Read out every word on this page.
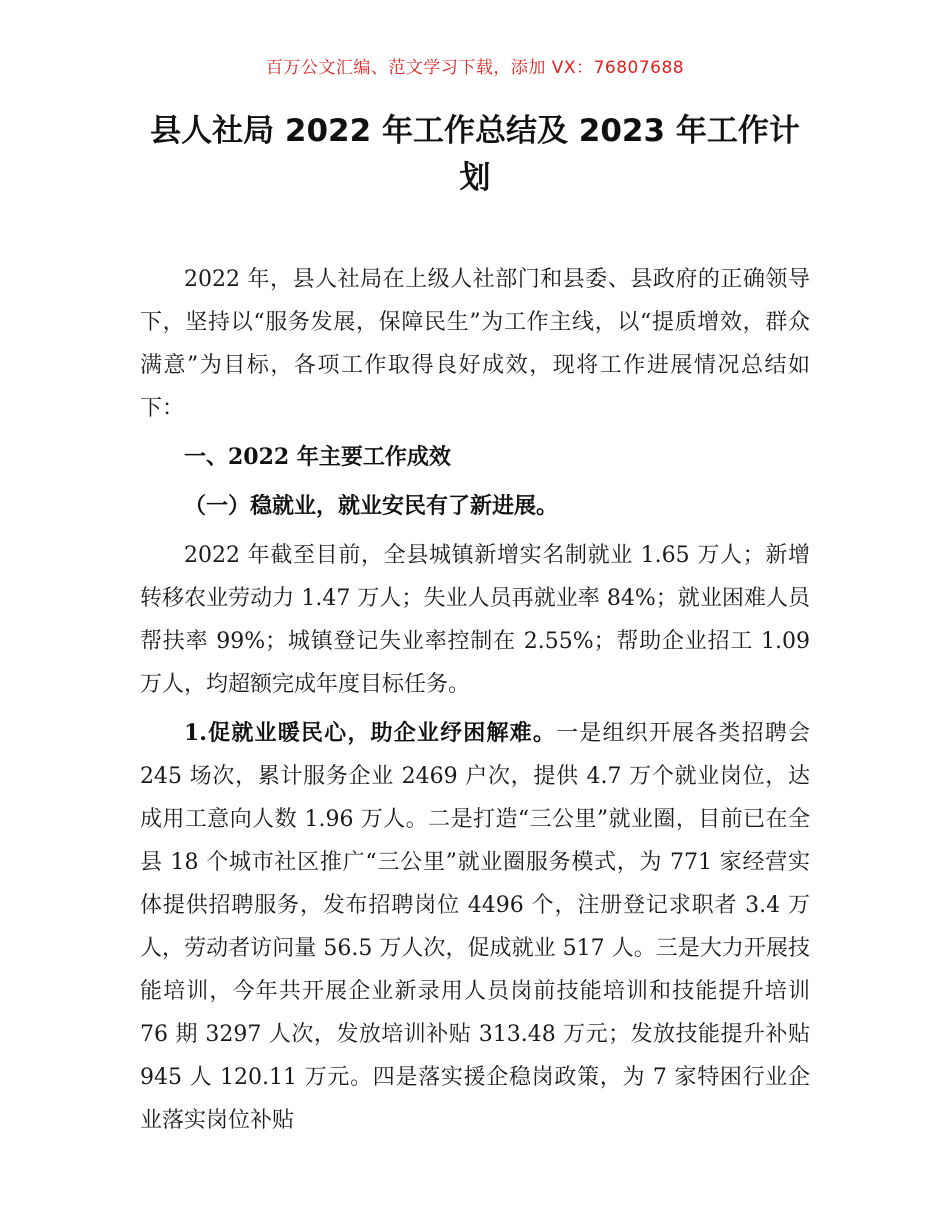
百万公文汇编、范文学习下载，添加 VX：76807688
县人社局 2022 年工作总结及 2023 年工作计划

2022 年，县人社局在上级人社部门和县委、县政府的正确领导下，坚持以“服务发展，保障民生”为工作主线，以“提质增效，群众满意”为目标，各项工作取得良好成效，现将工作进展情况总结如下：

一、2022 年主要工作成效

（一）稳就业，就业安民有了新进展。

2022 年截至目前，全县城镇新增实名制就业 1.65 万人；新增转移农业劳动力 1.47 万人；失业人员再就业率 84%；就业困难人员帮扶率 99%；城镇登记失业率控制在 2.55%；帮助企业招工 1.09 万人，均超额完成年度目标任务。

1.促就业暖民心，助企业纾困解难。一是组织开展各类招聘会 245 场次，累计服务企业 2469 户次，提供 4.7 万个就业岗位，达成用工意向人数 1.96 万人。二是打造“三公里”就业圈，目前已在全县 18 个城市社区推广“三公里”就业圈服务模式，为 771 家经营实体提供招聘服务，发布招聘岗位 4496 个，注册登记求职者 3.4 万人，劳动者访问量 56.5 万人次，促成就业 517 人。三是大力开展技能培训，今年共开展企业新录用人员岗前技能培训和技能提升培训 76 期 3297 人次，发放培训补贴 313.48 万元；发放技能提升补贴 945 人 120.11 万元。四是落实援企稳岗政策，为 7 家特困行业企业落实岗位补贴
